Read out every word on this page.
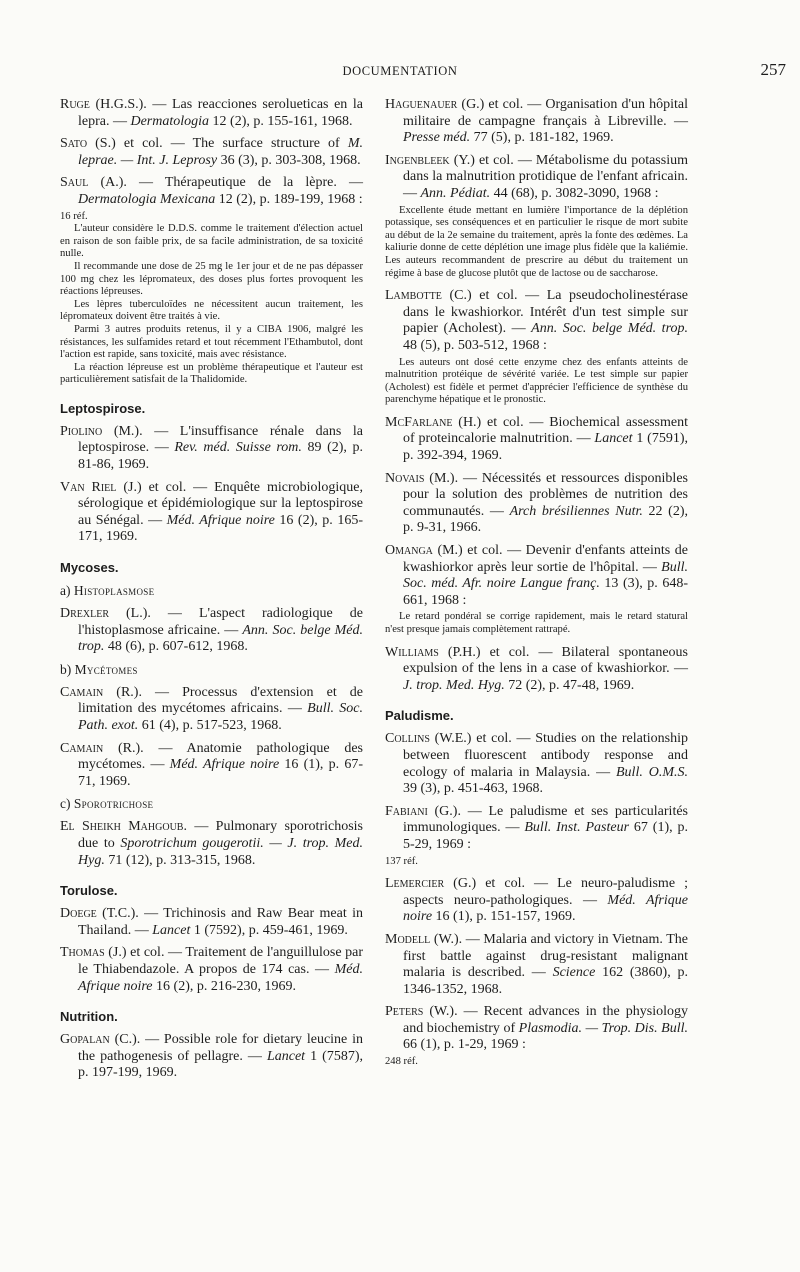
DOCUMENTATION	257

Ruge (H.G.S.). — Las reacciones serolueticas en la lepra. — Dermatologia 12 (2), p. 155-161, 1968.

Sato (S.) et col. — The surface structure of M. leprae. — Int. J. Leprosy 36 (3), p. 303-308, 1968.

Saul (A.). — Thérapeutique de la lèpre. — Dermatologia Mexicana 12 (2), p. 189-199, 1968 :

16 réf.

L'auteur considère le D.D.S. comme le traitement d'élection actuel en raison de son faible prix, de sa facile administration, de sa toxicité nulle.

Il recommande une dose de 25 mg le 1er jour et de ne pas dépasser 100 mg chez les lépromateux, des doses plus fortes provoquent les réactions lépreuses.

Les lèpres tuberculoïdes ne nécessitent aucun traitement, les lépromateux doivent être traités à vie.

Parmi 3 autres produits retenus, il y a CIBA 1906, malgré les résistances, les sulfamides retard et tout récemment l'Ethambutol, dont l'action est rapide, sans toxicité, mais avec résistance.

La réaction lépreuse est un problème thérapeutique et l'auteur est particulièrement satisfait de la Thalidomide.

Leptospirose.

Piolino (M.). — L'insuffisance rénale dans la leptospirose. — Rev. méd. Suisse rom. 89 (2), p. 81-86, 1969.

Van Riel (J.) et col. — Enquête microbiologique, sérologique et épidémiologique sur la leptospirose au Sénégal. — Méd. Afrique noire 16 (2), p. 165-171, 1969.

Mycoses.
a) Histoplasmose

Drexler (L.). — L'aspect radiologique de l'histoplasmose africaine. — Ann. Soc. belge Méd. trop. 48 (6), p. 607-612, 1968.

b) Mycétomes

Camain (R.). — Processus d'extension et de limitation des mycétomes africains. — Bull. Soc. Path. exot. 61 (4), p. 517-523, 1968.

Camain (R.). — Anatomie pathologique des mycétomes. — Méd. Afrique noire 16 (1), p. 67-71, 1969.

c) Sporotrichose

El Sheikh Mahgoub. — Pulmonary sporotrichosis due to Sporotrichum gougerotii. — J. trop. Med. Hyg. 71 (12), p. 313-315, 1968.

Torulose.

Doege (T.C.). — Trichinosis and Raw Bear meat in Thailand. — Lancet 1 (7592), p. 459-461, 1969.

Thomas (J.) et col. — Traitement de l'anguillulose par le Thiabendazole. A propos de 174 cas. — Méd. Afrique noire 16 (2), p. 216-230, 1969.

Nutrition.

Gopalan (C.). — Possible role for dietary leucine in the pathogenesis of pellagre. — Lancet 1 (7587), p. 197-199, 1969.

Haguenauer (G.) et col. — Organisation d'un hôpital militaire de campagne français à Libreville. — Presse méd. 77 (5), p. 181-182, 1969.

Ingenbleek (Y.) et col. — Métabolisme du potassium dans la malnutrition protidique de l'enfant africain. — Ann. Pédiat. 44 (68), p. 3082-3090, 1968 :

Excellente étude mettant en lumière l'importance de la déplétion potassique, ses conséquences et en particulier le risque de mort subite au début de la 2e semaine du traitement, après la fonte des œdèmes. La kaliurie donne de cette déplétion une image plus fidèle que la kaliémie. Les auteurs recommandent de prescrire au début du traitement un régime à base de glucose plutôt que de lactose ou de saccharose.

Lambotte (C.) et col. — La pseudocholinestérase dans le kwashiorkor. Intérêt d'un test simple sur papier (Acholest). — Ann. Soc. belge Méd. trop. 48 (5), p. 503-512, 1968 :

Les auteurs ont dosé cette enzyme chez des enfants atteints de malnutrition protéique de sévérité variée. Le test simple sur papier (Acholest) est fidèle et permet d'apprécier l'efficience de synthèse du parenchyme hépatique et le pronostic.

McFarlane (H.) et col. — Biochemical assessment of proteincalorie malnutrition. — Lancet 1 (7591), p. 392-394, 1969.

Novais (M.). — Nécessités et ressources disponibles pour la solution des problèmes de nutrition des communautés. — Arch brésiliennes Nutr. 22 (2), p. 9-31, 1966.

Omanga (M.) et col. — Devenir d'enfants atteints de kwashiorkor après leur sortie de l'hôpital. — Bull. Soc. méd. Afr. noire Langue franç. 13 (3), p. 648-661, 1968 :

Le retard pondéral se corrige rapidement, mais le retard statural n'est presque jamais complètement rattrapé.

Williams (P.H.) et col. — Bilateral spontaneous expulsion of the lens in a case of kwashiorkor. — J. trop. Med. Hyg. 72 (2), p. 47-48, 1969.

Paludisme.

Collins (W.E.) et col. — Studies on the relationship between fluorescent antibody response and ecology of malaria in Malaysia. — Bull. O.M.S. 39 (3), p. 451-463, 1968.

Fabiani (G.). — Le paludisme et ses particularités immunologiques. — Bull. Inst. Pasteur 67 (1), p. 5-29, 1969 :

137 réf.

Lemercier (G.) et col. — Le neuro-paludisme ; aspects neuro-pathologiques. — Méd. Afrique noire 16 (1), p. 151-157, 1969.

Modell (W.). — Malaria and victory in Vietnam. The first battle against drug-resistant malignant malaria is described. — Science 162 (3860), p. 1346-1352, 1968.

Peters (W.). — Recent advances in the physiology and biochemistry of Plasmodia. — Trop. Dis. Bull. 66 (1), p. 1-29, 1969 :

248 réf.
